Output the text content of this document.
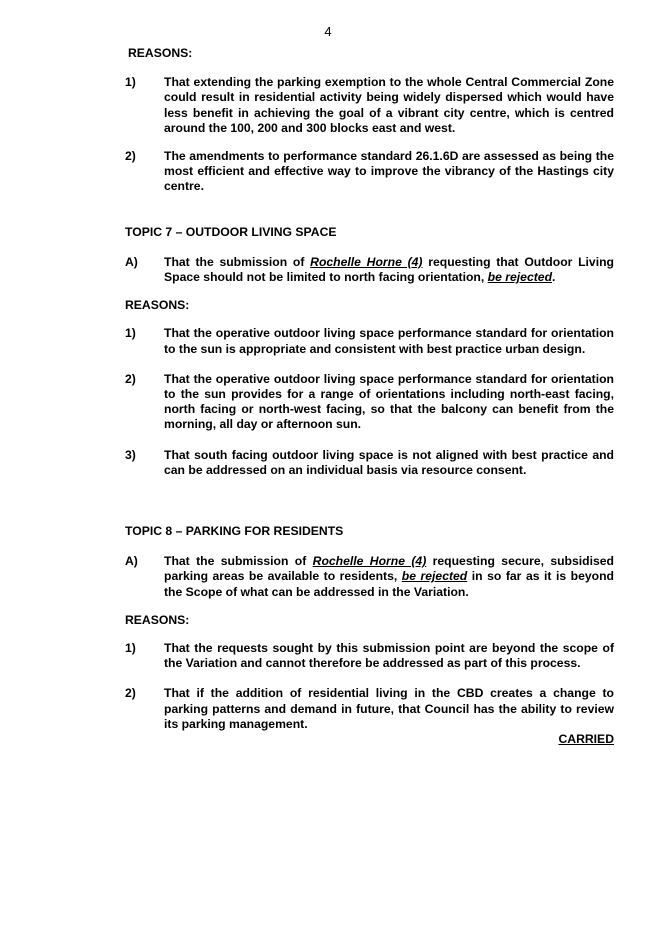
4
REASONS:
1)	That extending the parking exemption to the whole Central Commercial Zone could result in residential activity being widely dispersed which would have less benefit in achieving the goal of a vibrant city centre, which is centred around the 100, 200 and 300 blocks east and west.
2)	The amendments to performance standard 26.1.6D are assessed as being the most efficient and effective way to improve the vibrancy of the Hastings city centre.
TOPIC 7 – OUTDOOR LIVING SPACE
A)	That the submission of Rochelle Horne (4) requesting that Outdoor Living Space should not be limited to north facing orientation, be rejected.
REASONS:
1)	That the operative outdoor living space performance standard for orientation to the sun is appropriate and consistent with best practice urban design.
2)	That the operative outdoor living space performance standard for orientation to the sun provides for a range of orientations including north-east facing, north facing or north-west facing, so that the balcony can benefit from the morning, all day or afternoon sun.
3)	That south facing outdoor living space is not aligned with best practice and can be addressed on an individual basis via resource consent.
TOPIC 8 – PARKING FOR RESIDENTS
A)	That the submission of Rochelle Horne (4) requesting secure, subsidised parking areas be available to residents, be rejected in so far as it is beyond the Scope of what can be addressed in the Variation.
REASONS:
1)	That the requests sought by this submission point are beyond the scope of the Variation and cannot therefore be addressed as part of this process.
2)	That if the addition of residential living in the CBD creates a change to parking patterns and demand in future, that Council has the ability to review its parking management.
CARRIED
